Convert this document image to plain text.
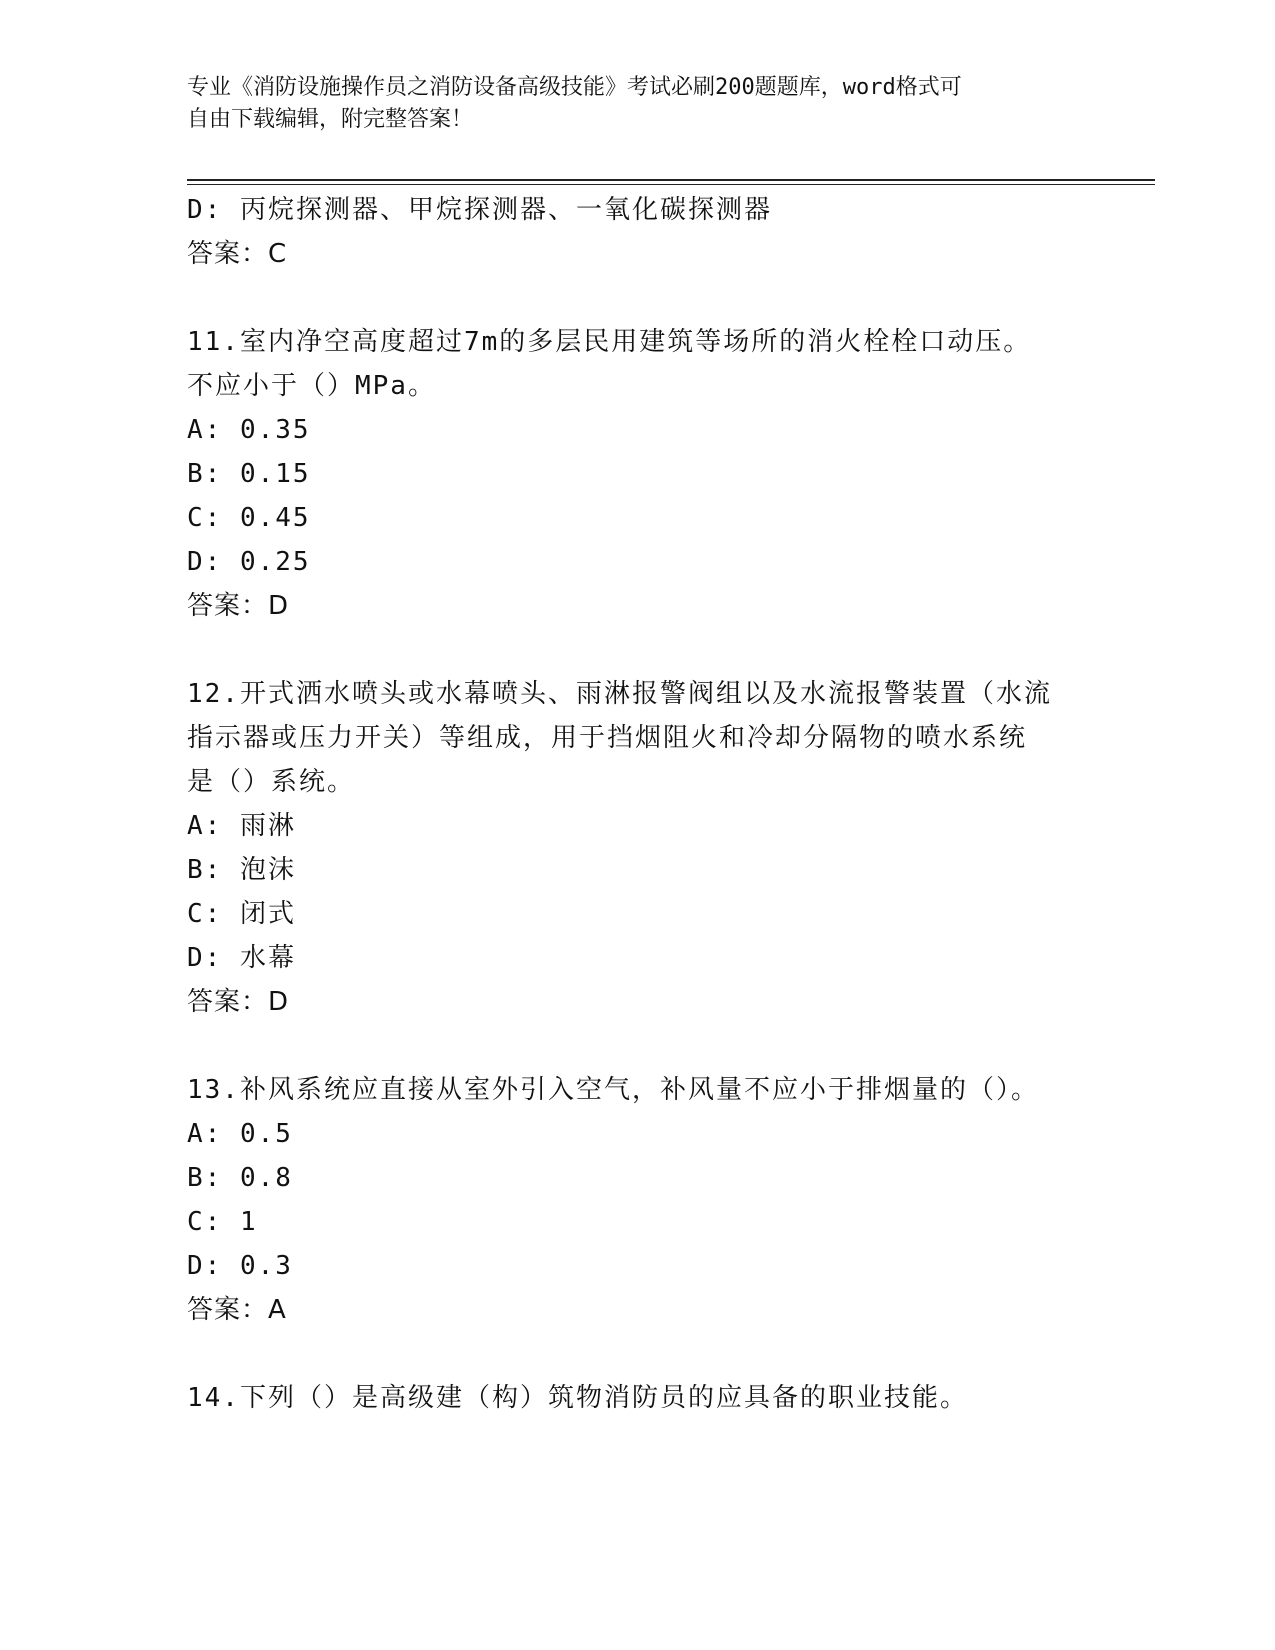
专业《消防设施操作员之消防设备高级技能》考试必刷200题题库，word格式可
自由下载编辑，附完整答案！
D: 丙烷探测器、甲烷探测器、一氧化碳探测器
答案：C
11.室内净空高度超过7m的多层民用建筑等场所的消火栓栓口动压。
不应小于（）MPa。
A: 0.35
B: 0.15
C: 0.45
D: 0.25
答案：D
12.开式洒水喷头或水幕喷头、雨淋报警阀组以及水流报警装置（水流
指示器或压力开关）等组成，用于挡烟阻火和冷却分隔物的喷水系统
是（）系统。
A: 雨淋
B: 泡沫
C: 闭式
D: 水幕
答案：D
13.补风系统应直接从室外引入空气，补风量不应小于排烟量的（）。
A: 0.5
B: 0.8
C: 1
D: 0.3
答案：A
14.下列（）是高级建（构）筑物消防员的应具备的职业技能。
